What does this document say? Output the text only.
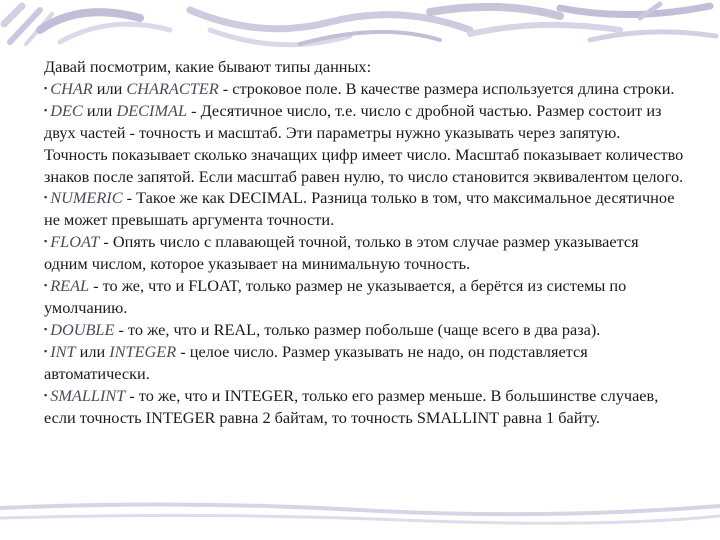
Давай посмотрим, какие бывают типы данных:

▪ CHAR или CHARACTER - строковое поле. В качестве размера используется длина строки.

▪ DEC или DECIMAL - Десятичное число, т.е. число с дробной частью. Размер состоит из двух частей - точность и масштаб. Эти параметры нужно указывать через запятую. Точность показывает сколько значащих цифр имеет число. Масштаб показывает количество знаков после запятой. Если масштаб равен нулю, то число становится эквивалентом целого.

▪ NUMERIC - Такое же как DECIMAL. Разница только в том, что максимальное десятичное не может превышать аргумента точности.

▪ FLOAT - Опять число с плавающей точной, только в этом случае размер указывается одним числом, которое указывает на минимальную точность.

▪ REAL - то же, что и FLOAT, только размер не указывается, а берётся из системы по умолчанию.

▪ DOUBLE - то же, что и REAL, только размер побольше (чаще всего в два раза).

▪ INT или INTEGER - целое число. Размер указывать не надо, он подставляется автоматически.

▪ SMALLINT - то же, что и INTEGER, только его размер меньше. В большинстве случаев, если точность INTEGER равна 2 байтам, то точность SMALLINT равна 1 байту.
